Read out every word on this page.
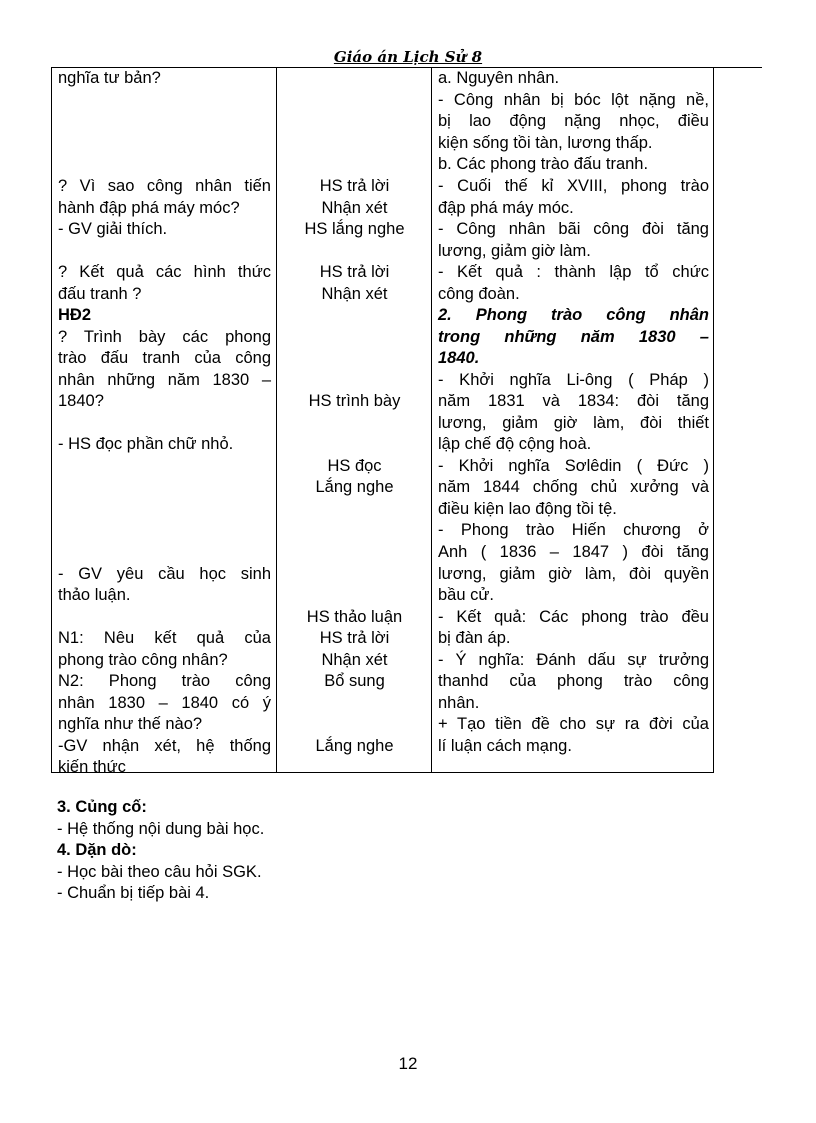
Giáo án Lịch Sử 8
nghĩa tư bản?
? Vì sao công nhân tiến
hành đập phá máy móc?
- GV giải thích.
? Kết quả các hình thức
đấu tranh ?
HĐ2
? Trình bày các phong
trào đấu tranh của công
nhân những năm 1830 –
1840?
- HS đọc phần chữ nhỏ.
- GV yêu cầu học sinh
thảo luận.
N1: Nêu kết quả của
phong trào công nhân?
N2: Phong trào công
nhân 1830 – 1840 có ý
nghĩa như thế nào?
-GV nhận xét, hệ thống
kiến thức
HS trả lời
Nhận xét
HS lắng nghe
HS trả lời
Nhận xét
HS trình bày
HS đọc
Lắng nghe
HS thảo luận
HS trả lời
Nhận xét
Bổ sung
Lắng nghe
a. Nguyên nhân.
- Công nhân bị bóc lột nặng nề,
bị lao động nặng nhọc, điều
kiện sống tồi tàn, lương thấp.
b. Các phong trào đấu tranh.
- Cuối thế kỉ XVIII, phong trào
đập phá máy móc.
- Công nhân bãi công đòi tăng
lương, giảm giờ làm.
- Kết quả : thành lập tổ chức
công đoàn.
2. Phong trào công nhân
trong những năm 1830 –
1840.
- Khởi nghĩa Li-ông ( Pháp )
năm 1831 và 1834: đòi tăng
lương, giảm giờ làm, đòi thiết
lập chế độ cộng hoà.
- Khởi nghĩa Sơlêdin ( Đức )
năm 1844 chống chủ xưởng và
điều kiện lao động tồi tệ.
- Phong trào Hiến chương ở
Anh ( 1836 – 1847 ) đòi tăng
lương, giảm giờ làm, đòi quyền
bầu cử.
- Kết quả: Các phong trào đều
bị đàn áp.
- Ý nghĩa: Đánh dấu sự trưởng
thanhd của phong trào công
nhân.
+ Tạo tiền đề cho sự ra đời của
lí luận cách mạng.
3. Củng cố:
- Hệ thống nội dung bài học.
4. Dặn dò:
- Học bài theo câu hỏi SGK.
- Chuẩn bị tiếp bài 4.
12
